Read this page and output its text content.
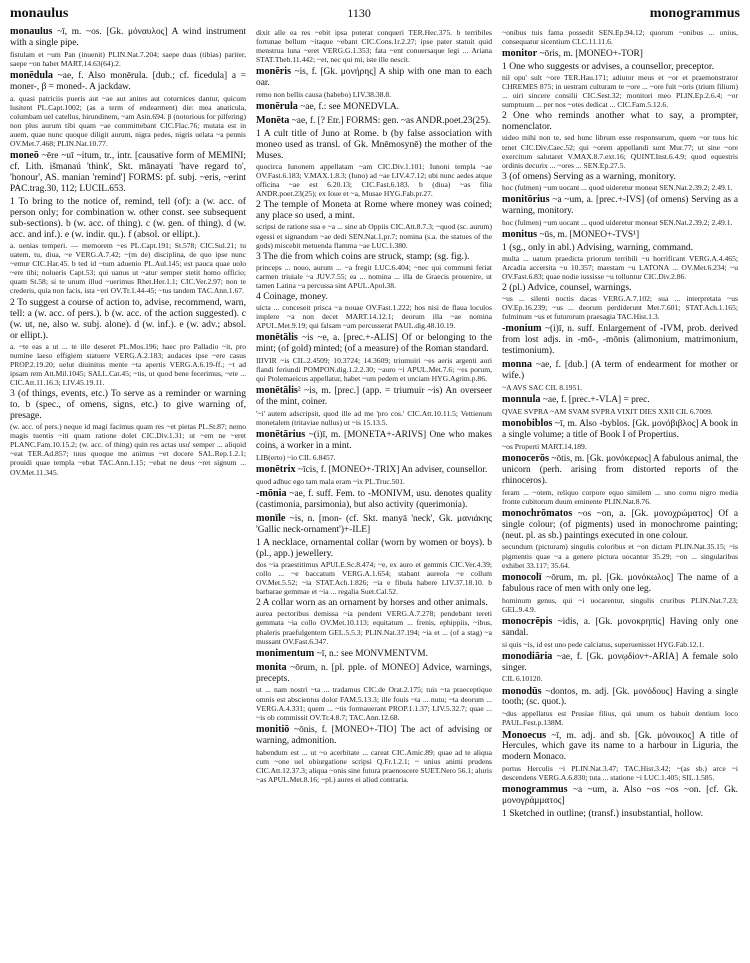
monaulus	1130	monogrammus
monaulus ~ī, m. ~os. [Gk. μόναυλος] A wind instrument with a single pipe.
fistulam et ~um Pan (inuenit) PLIN.Nat.7.204; saepe duas (tibias) pariter, saepe ~on habet MART.14.63(64).2.
monēdula ~ae, f. Also monērula. [dub.; cf. ficedula] a = moner-, β = moned-. A jackdaw.
a. quasi patriciis pueris aut ~ae aut anites aut coturnices dantur, quicum lusitent PL.Capt.1002; (as a term of endearment) die: mea anaticula, columbam uel catellus, hirundinem, ~am Asin.694. β (notorious for pilfering) non plus aurum tibi quam ~ae committebant CIC.Flac.76; mutata est in auem, quae nunc quoque diligit aurum, nigra pedes, nigris uelata ~a pennis OV.Met.7.468; PLIN.Nat.10.77.
moneō ~ēre ~uī ~itum, tr., intr. [causative form of MEMINI; cf. Lith. išmanaú 'think', Skt. mānayati 'have regard to', 'honour', AS. manian 'remind'] FORMS: pf. subj. ~eris, ~erint PAC.trag.30, 112; LUCIL.653.
1 To bring to the notice of, remind, tell (of): a (w. acc. of person only; for combination w. other const. see subsequent sub-sections). b (w. acc. of thing). c (w. gen. of thing). d (w. acc. and inf.). e (w. indir. qu.). f (absol. or ellipt.).
a. uenias temperi. — memorem ~es PL.Capt.191; St.578; CIC.Sul.21; tu uatem, tu, diua, ~e VERG.A.7.42; ~(m de) disciplina, de quo ipse nunc ~emur CIC.Har.45. b ted id ~tum aduenio PL.Aul.145; est pauca quae uolo ~ere tibi; nolueris Capt.53; qui uanus ut ~atur semper stetit homo officio; quam St.58; si te unum illud ~uerimus Rhet.Her.1.1; CIC.Ver.2.97; non te crederis, quia non facis, ista ~eri OV.Tr.1.44-45; ~tus tandem TAC.Ann.1.67.
2 To suggest a course of action to, advise, recommend, warn, tell: a (w. acc. of pers.). b (w. acc. of the action suggested). c (w. ut, ne, also w. subj. alone). d (w. inf.). e (w. adv.; absol. or ellipt.).
a. ~te eas a ut ... te ille deseret PL.Mos.196; haec pro Palladio ~it, pro numine laeso effigiem statuere VERG.A.2.183; audaces ipse ~ere casus PROP.2.19.20; uelut diuinitus mente ~ta apertis VERG.A.6.19-ff.; ~t ad ipsam rem Att.Mil.1045; SALL.Cat.45; ~tis, ut quod bene fecerimus, ~ete ... CIC.Att.11.16.3; LIV.45.19.11.
3 (of things, events, etc.) To serve as a reminder or warning to. b (spec., of omens, signs, etc.) to give warning of, presage.
(w. acc. of pers.) neque id magi facimus quam res ~et pietas PL.St.87; nemo magis tuentis ~iti quam ratione dolet CIC.Div.1.31; ut ~em ne ~eret PLANC.Fam.10.15.2; (w. acc. of thing) quin res actas usu' semper ... aliquid ~eat TER.Ad.857; tuus quoque me animus ~et docere SAL.Rep.1.2.1; prouidi quae templa ~ebat TAC.Ann.1.15; ~ebat ne deus ~ret signum ... OV.Met.11.345.
dixit alle ea res ~ebit ipsa poterat conqueri TER.Hec.375. b terribiles fortunae bellum ~itaque ~ebant CIC.Cons.1r.2.27; ipse pater statuit quid menstrua luna ~eret VERG.G.1.353; fata ~ent conuersaque legi ... Ariana STAT.Theb.11.442; ~et, nec qui mi, iste ille nescit.
monēris ~is, f. [Gk. μονήρης] A ship with one man to each oar.
remo non bellis causa (habebo) LIV.38.38.8.
monērula ~ae, f.: see MONEDVLA.
Monēta ~ae, f. [? Etr.] FORMS: gen. ~as ANDR.poet.23(25).
1 A cult title of Juno at Rome. b (by false association with moneo used as transl. of Gk. Mnēmosynē) the mother of the Muses.
quocirca Iunonem appellatam ~am CIC.Div.1.101; Iunoni templa ~ae OV.Fast.6.183; V.MAX.1.8.3; (Iuno) ad ~ae LIV.4.7.12; ubi nunc aedes atque officina ~ae est 6.20.13; CIC.Fast.6.183. b (diua) ~as filia ANDR.poet.23(25); ex Ioue et ~a, Musae HYG.Fab.pr.27.
2 The temple of Moneta at Rome where money was coined; any place so used, a mint.
scripsi de ratione sua e ~a ... sine ab Oppiis CIC.Att.8.7.3; ~quod (sc. aurum) egessi et signandum ~ae dedi SEN.Nat.1.pr.7; nomina (s.a. the statues of the gods) miscebit metuenda flamma ~ae LUC.1.380.
3 The die from which coins are struck, stamp; (sg. fig.).
princeps ... nouo, aurum ... ~a fregit LUC.6.404; ~nec qui communi feriat carmen triuiale ~a JUV.7.55; ea ... nomina ... illa de Graecis prouenire, ut tamen Latina ~a percussa sint APUL.Apol.38.
4 Coinage, money.
uicta ... conceseit prisca ~a nouae OV.Fast.1.222; hos nisi de flaua loculos implere ~a non decet MART.14.12.1; deorum illa ~ae nomina APUL.Met.9.19; qui falsam ~am percusserat PAUL.dig.48.10.19.
monētālis ~is ~e, a. [prec.+-ALIS] Of or belonging to the mint; (of gold) minted; (of a measure) of the Roman standard.
IIIVIR ~is CIL.2.4509; 10.3724; 14.3609; triumuiri ~es aeris argenti auri flandi feriundi POMPON.dig.1.2.2.30; ~auro ~i APUL.Met.7.6; ~es porum, qui Ptolemaeicus appellatur, habet ~um pedem et unciam HYG.Agrim.p.86.
monētālis² ~is, m. [prec.] (app. = triumuir ~is) An overseer of the mint, coiner.
'~i' autem adscripsit, quod ille ad me 'pro cos.' CIC.Att.10.11.5; Vettienum monetalem (tritaviae nullus) ut ~is 15.13.5.
monētārius ~(i)ī, m. [MONETA+-ARIVS] One who makes coins, a worker in a mint.
LIB(erto) ~io CIL 6.8457.
monētrix ~īcis, f. [MONEO+-TRIX] An adviser, counsellor.
quod adhuc ego tam mala eram ~ix PL.Truc.501.
-mōnia ~ae, f. suff. Fem. to -MONIVM, usu. denotes quality (castimonia, parsimonia), but also activity (querimonia).
monīle ~is, n. [mon- (cf. Skt. manyā 'neck', Gk. μανιάκης 'Gallic neck-ornament')+-ILE]
1 A necklace, ornamental collar (worn by women or boys). b (pl., app.) jewellery.
dos ~ia praestitimus APULE.Sc.8.474; ~e, ex auro et gemmis CIC.Ver.4.39; collo ... ~e baccatum VERG.A.1.654; stabant aureola ~e collum OV.Met.5.52; ~ia STAT.Ach.1.826; ~ia e fibula habere LIV.37.18.10. b barbarae gemmae et ~ia ... regalia Suet.Cal.52.
2 A collar worn as an ornament by horses and other animals.
aurea pectoribus demissa ~ia pendent VERG.A.7.278; pendebant tereti gemmata ~ia collo OV.Met.10.113; equitatum ... frenis, ephippiis, ~ibus, phaleris praefulgentem GEL.5.5.3; PLIN.Nat.37.194; ~ia et ... (of a stag) ~a mussant OV.Fast.6.347.
monimentum ~ī, n.: see MONVMENTVM.
monita ~ōrum, n. [pl. pple. of MONEO] Advice, warnings, precepts.
ut ... nam nostri ~ta ... tradamus CIC.de Orat.2.175; tuis ~ta praeceptique omnis est abscientus dolor FAM.5.13.3; ille fouis ~ta ... nutu; ~ta deorum ... VERG.A.4.331; quem ... ~tis formauerant PROP.1.1.37; LIV.5.32.7; quae ... ~is ob commissit OV.Tr.4.8.7; TAC.Ann.12.68.
monitiō ~ōnis, f. [MONEO+-TIO] The act of advising or warning, admonition.
habendum est ... ut ~o acerbitate ... careat CIC.Amic.89; quae ad te aliqua cum ~one uel obiurgatione scripsi Q.Fr.1.2.1; ~ unius animi prudens CIC.Att.12.37.3; aliqua ~onis sine futura praenoscere SUET.Nero 56.1; aluris ~as APUL.Met.8.16; ~pl.) aures ei aliud contraria.
~onibus tuis fama possedit SEN.Ep.94.12; quorum ~onibus ... unius, consequatur sicentium CLC.11.11.6.
monitor ~ōris, m. [MONEO+-TOR]
1 One who suggests or advises, a counsellor, preceptor.
nil opu' sult ~ore TER.Hau.171; adiutor meus et ~or et praemonstrator CHREMES 875; in uestram culturam te ~ore ... ~ore fuit ~oris (trium filium) ... uiri sincere consilii CIC.Sest.32; monitori meo PLIN.Ep.2.6.4; ~or sumptuum ... per nos ~otes dedicat ... CIC.Fam.5.12.6.
2 One who reminds another what to say, a prompter, nomenclator.
uideo mihi non te, sed hunc librum esse responsurum, quem ~or tuus hic tenet CIC.Div.Caec.52; qui ~orem appellandi sunt Mur.77; ut sine ~ore exercitum salutaret V.MAX.8.7.ext.16; QUINT.Inst.6.4.9; quod equestris ordinis decurix ... ~ores ... SEN.Ep.27.5.
3 (of omens) Serving as a warning, monitory.
hoc (fulmen) ~um uocant ... quod uideretur moneat SEN.Nat.2.39.2; 2.49.1.
monitōrius ~a ~um, a. [prec.+-IVS] (of omens) Serving as a warning, monitory.
hoc (fulmen) ~um uocant ... quod uideretur moneat SEN.Nat.2.39.2; 2.49.1.
monitus ~ūs, m. [MONEO+-TVS¹]
1 (sg., only in abl.) Advising, warning, command.
multa ... uatum praedicta priorum terribili ~u horrificant VERG.A.4.465; Arcadia accersita ~u 10.357; maestam ~u LATONA ... OV.Met.6.234; ~u OV.Fast.6.83; quae nodie iussisse ~u tolluntur CIC.Div.2.86.
2 (pl.) Advice, counsel, warnings.
~us ... silenti noctis dacas VERG.A.7.102; sua ... interpretata ~us OV.Ep.16.239; ~us ... deorum perdiderunt Met.7.601; STAT.Ach.1.165; fulminum ~us et futurorum praesagia TAC.Hist.1.3.
-monium ~(i)ī, n. suff. Enlargement of -IVM, prob. derived from lost adjs. in -mō-, -mōnis (alimonium, matrimonium, testimonium).
monna ~ae, f. [dub.] (A term of endearment for mother or wife.)
~A AVS SAC CIL 8.1951.
monnula ~ae, f. [prec.+-VLA] = prec.
QVAE SVPRA ~AM SVAM SVPRA VIXIT DIES XXII CIL 6.7009.
monobiblos ~ī, m. Also -byblos. [Gk. μονόβιβλος] A book in a single volume; a title of Book I of Propertius.
~os Properti MART.14.189.
monocerōs ~ōtis, m. [Gk. μονόκερως] A fabulous animal, the unicorn (perh. arising from distorted reports of the rhinoceros).
feram ... ~otem, reliquo corpore equo similem ... uno cornu nigro media fronte cubitorum duum eminente PLIN.Nat.8.76.
monochrōmatos ~os ~on, a. [Gk. μονοχρώματος] Of a single colour; (of pigments) used in monochrome painting; (neut. pl. as sb.) paintings executed in one colour.
secundum (picturam) singulis coloribus et ~on dictam PLIN.Nat.35.15; ~is pigmentis quae ~a a genere pictura uocantur 35.29; ~on ... singularibus exhibet 33.117; 35.64.
monocolī ~ōrum, m. pl. [Gk. μονόκωλος] The name of a fabulous race of men with only one leg.
hominum genus, qui ~i uocarentur, singulis cruribus PLIN.Nat.7.23; GEL.9.4.9.
monocrēpis ~idis, a. [Gk. μονοκρηπίς] Having only one sandal.
si quis ~is, id est uno pede calciatus, superuenisset HYG.Fab.12.1.
monodiāria ~ae, f. [Gk. μονῳδίον+-ARIA] A female solo singer.
CIL 6.10120.
monodūs ~dontos, m. adj. [Gk. μονόδους] Having a single tooth; (sc. quot.).
~dus appellatus est Prusiae filius, qui unum os habuit dentium loco PAUL.Fest.p.138M.
Monoecus ~ī, m. adj. and sb. [Gk. μόνοικος] A title of Hercules, which gave its name to a harbour in Liguria, the modern Monaco.
portus Herculis ~i PLIN.Nat.3.47; TAC.Hist.3.42; ~(as sb.) arce ~i descendens VERG.A.6.830; tuta ... statione ~i LUC.1.405; SIL.1.585.
monogrammus ~a ~um, a. Also ~os ~os ~on. [cf. Gk. μονογράμματος]
1 Sketched in outline; (transf.) insubstantial, hollow.
